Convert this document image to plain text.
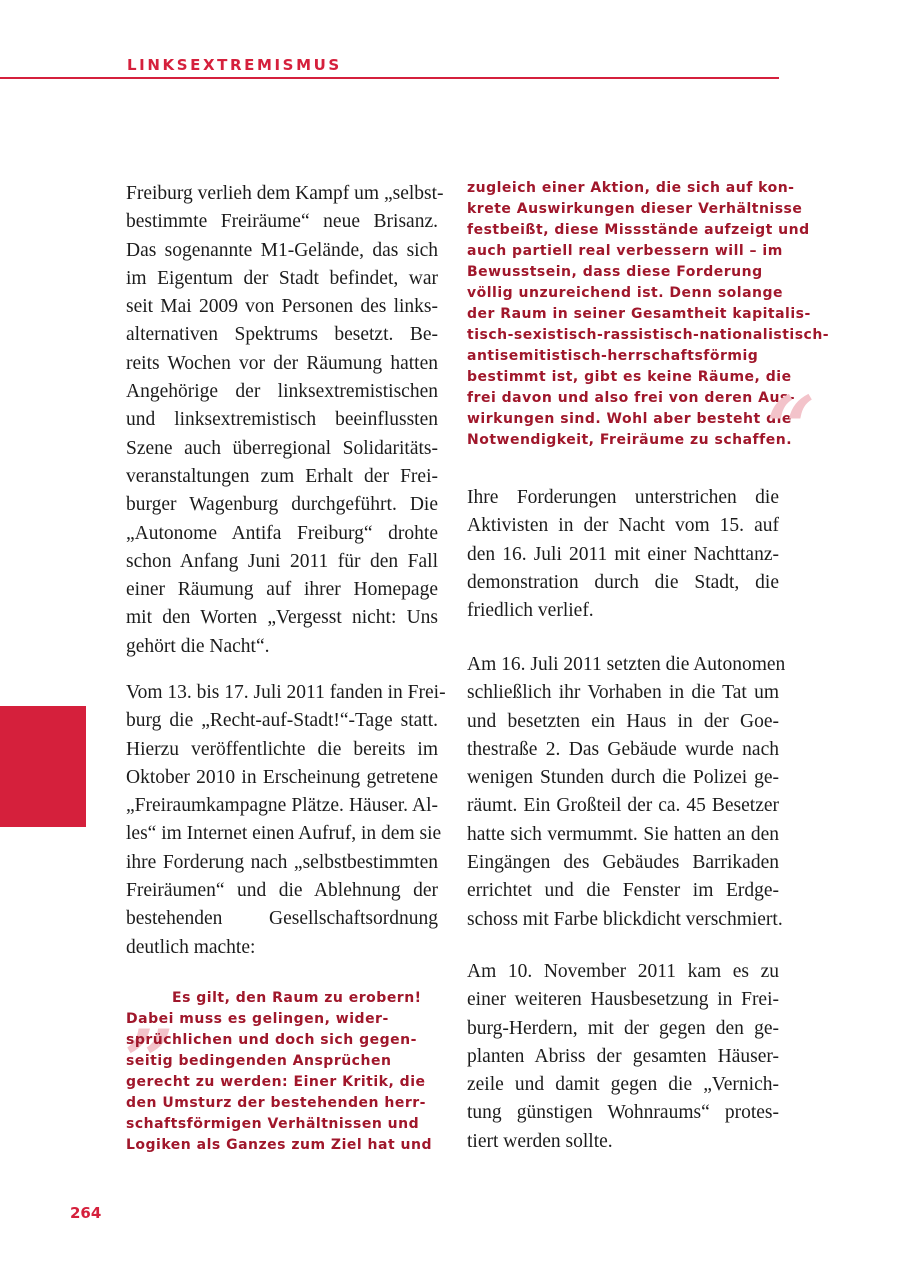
LINKSEXTREMISMUS

Freiburg verlieh dem Kampf um „selbst-
bestimmte Freiräume“ neue Brisanz.
Das sogenannte M1-Gelände, das sich
im Eigentum der Stadt befindet, war
seit Mai 2009 von Personen des links-
alternativen Spektrums besetzt. Be-
reits Wochen vor der Räumung hatten
Angehörige der linksextremistischen
und linksextremistisch beeinflussten
Szene auch überregional Solidaritäts-
veranstaltungen zum Erhalt der Frei-
burger Wagenburg durchgeführt. Die
„Autonome Antifa Freiburg“ drohte
schon Anfang Juni 2011 für den Fall
einer Räumung auf ihrer Homepage
mit den Worten „Vergesst nicht: Uns
gehört die Nacht“.

Vom 13. bis 17. Juli 2011 fanden in Frei-
burg die „Recht-auf-Stadt!“-Tage statt.
Hierzu veröffentlichte die bereits im
Oktober 2010 in Erscheinung getretene
„Freiraumkampagne Plätze. Häuser. Al-
les“ im Internet einen Aufruf, in dem sie
ihre Forderung nach „selbstbestimmten
Freiräumen“ und die Ablehnung der
bestehenden Gesellschaftsordnung
deutlich machte:

„
Es gilt, den Raum zu erobern!
Dabei muss es gelingen, wider-
sprüchlichen und doch sich gegen-
seitig bedingenden Ansprüchen
gerecht zu werden: Einer Kritik, die
den Umsturz der bestehenden herr-
schaftsförmigen Verhältnissen und
Logiken als Ganzes zum Ziel hat und
zugleich einer Aktion, die sich auf kon-
krete Auswirkungen dieser Verhältnisse
festbeißt, diese Missstände aufzeigt und
auch partiell real verbessern will – im
Bewusstsein, dass diese Forderung
völlig unzureichend ist. Denn solange
der Raum in seiner Gesamtheit kapitalis-
tisch-sexistisch-rassistisch-nationalistisch-
antisemitistisch-herrschaftsförmig
bestimmt ist, gibt es keine Räume, die
frei davon und also frei von deren Aus-
wirkungen sind. Wohl aber besteht die
Notwendigkeit, Freiräume zu schaffen.
“

Ihre Forderungen unterstrichen die
Aktivisten in der Nacht vom 15. auf
den 16. Juli 2011 mit einer Nachttanz-
demonstration durch die Stadt, die
friedlich verlief.

Am 16. Juli 2011 setzten die Autonomen
schließlich ihr Vorhaben in die Tat um
und besetzten ein Haus in der Goe-
thestraße 2. Das Gebäude wurde nach
wenigen Stunden durch die Polizei ge-
räumt. Ein Großteil der ca. 45 Besetzer
hatte sich vermummt. Sie hatten an den
Eingängen des Gebäudes Barrikaden
errichtet und die Fenster im Erdge-
schoss mit Farbe blickdicht verschmiert.

Am 10. November 2011 kam es zu
einer weiteren Hausbesetzung in Frei-
burg-Herdern, mit der gegen den ge-
planten Abriss der gesamten Häuser-
zeile und damit gegen die „Vernich-
tung günstigen Wohnraums“ protes-
tiert werden sollte.

264
